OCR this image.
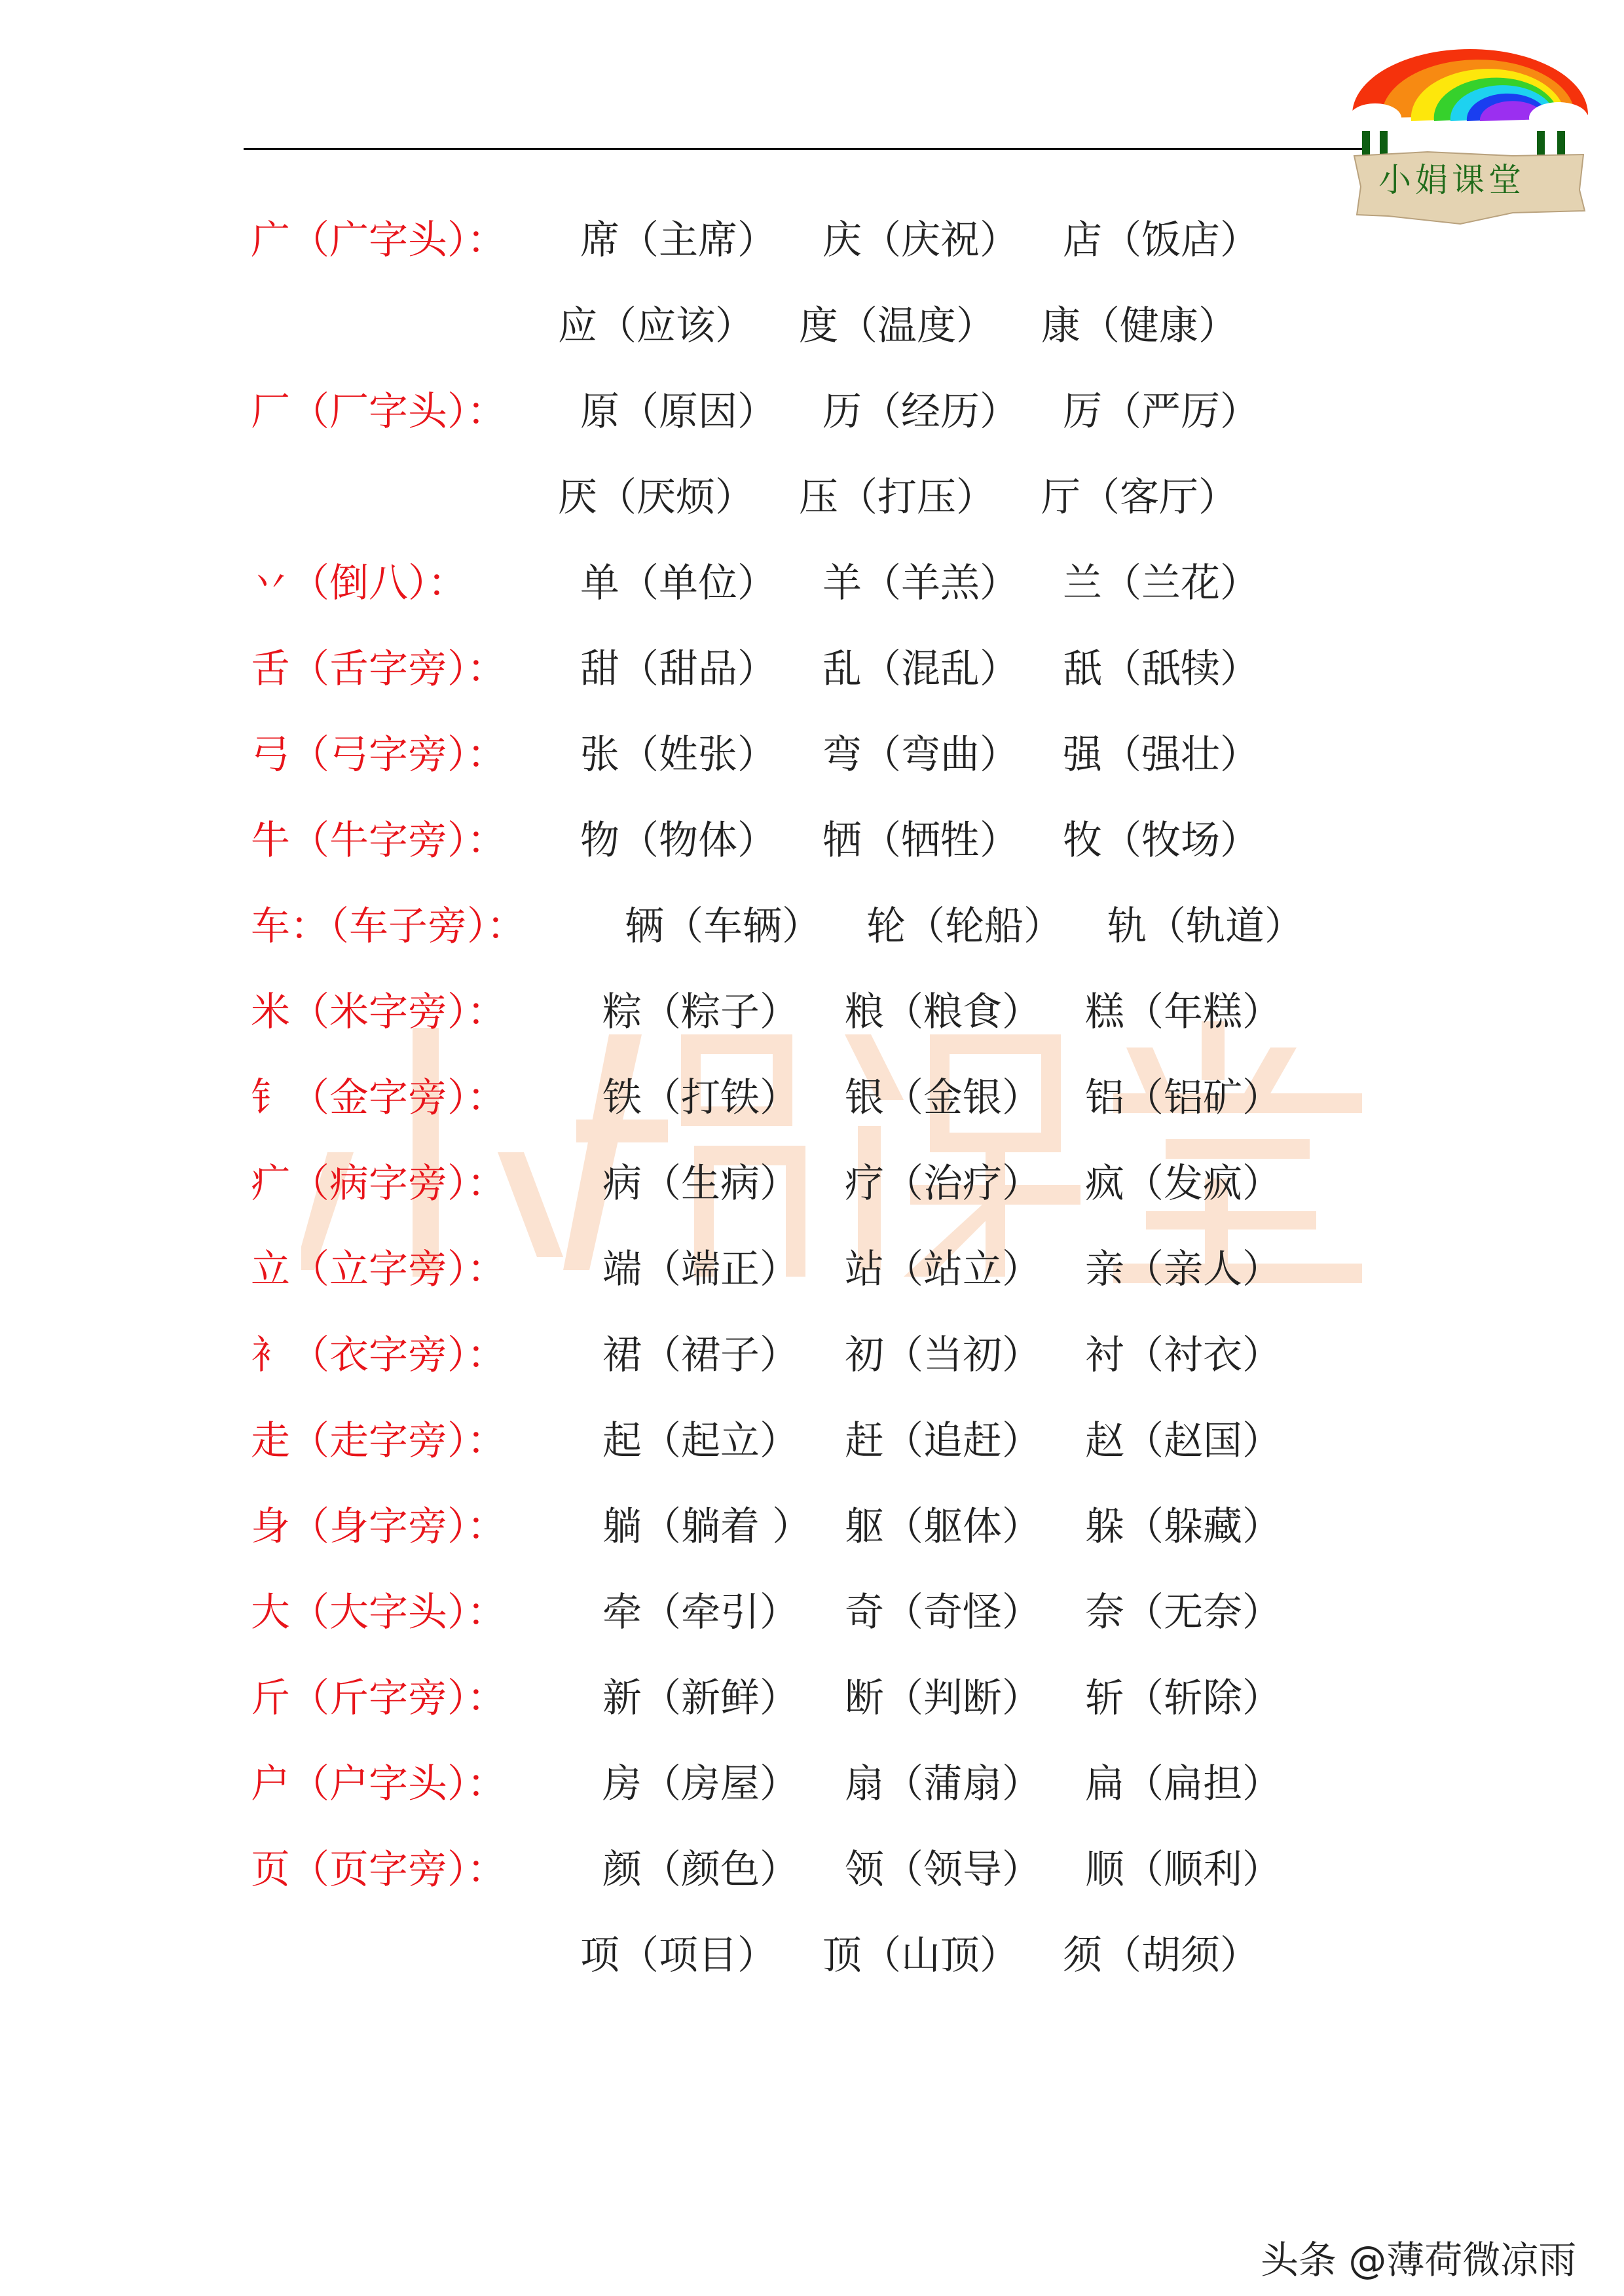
小娟课堂
广（广字头）： 席（主席） 庆（庆祝） 店（饭店）
应（应该） 度（温度） 康（健康）
厂（厂字头）： 原（原因） 历（经历） 厉（严厉）
厌（厌烦） 压（打压） 厅（客厅）
丷（倒八）：	单（单位） 羊（羊羔） 兰（兰花）
舌（舌字旁）： 甜（甜品） 乱（混乱） 舐（舐犊）
弓（弓字旁）： 张（姓张） 弯（弯曲） 强（强壮）
牛（牛字旁）： 物（物体） 牺（牺牲） 牧（牧场）
车：（车子旁）：	辆（车辆） 轮（轮船） 轨（轨道）
米（米字旁）： 粽（粽子） 粮（粮食） 糕（年糕）
钅（金字旁）： 铁（打铁） 银（金银） 铝（铝矿）
疒（病字旁）： 病（生病） 疗（治疗） 疯（发疯）
立（立字旁）： 端（端正） 站（站立） 亲（亲人）
衤（衣字旁）： 裙（裙子） 初（当初） 衬（衬衣）
走（走字旁）： 起（起立） 赶（追赶） 赵（赵国）
身（身字旁）： 躺（躺着 ） 躯（躯体） 躲（躲藏）
大（大字头）： 牵（牵引） 奇（奇怪） 奈（无奈）
斤（斤字旁）： 新（新鲜） 断（判断） 斩（斩除）
户（户字头）： 房（房屋） 扇（蒲扇） 扁（扁担）
页（页字旁）： 颜（颜色） 领（领导） 顺（顺利）
项（项目） 顶（山顶） 须（胡须）
头条 @薄荷微凉雨
